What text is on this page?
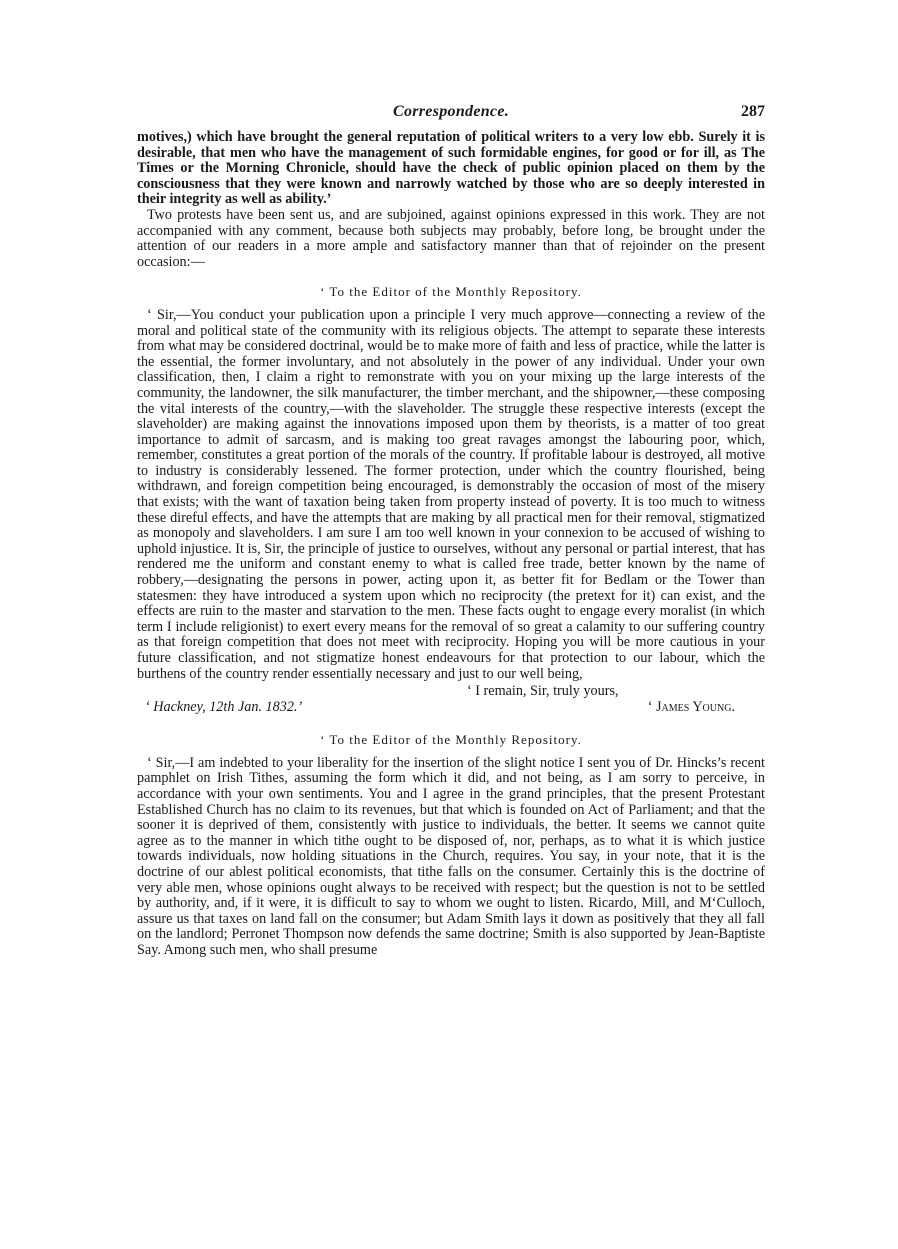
Correspondence.	287

motives,) which have brought the general reputation of political writers to a very low ebb. Surely it is desirable, that men who have the management of such formidable engines, for good or for ill, as The Times or the Morning Chronicle, should have the check of public opinion placed on them by the consciousness that they were known and narrowly watched by those who are so deeply interested in their integrity as well as ability.’

Two protests have been sent us, and are subjoined, against opinions expressed in this work. They are not accompanied with any comment, because both subjects may probably, before long, be brought under the attention of our readers in a more ample and satisfactory manner than that of rejoinder on the present occasion:—

‘ To the Editor of the Monthly Repository.

‘ Sir,—You conduct your publication upon a principle I very much approve—connecting a review of the moral and political state of the community with its religious objects. The attempt to separate these interests from what may be considered doctrinal, would be to make more of faith and less of practice, while the latter is the essential, the former involuntary, and not absolutely in the power of any individual. Under your own classification, then, I claim a right to remonstrate with you on your mixing up the large interests of the community, the landowner, the silk manufacturer, the timber merchant, and the shipowner,—these composing the vital interests of the country,—with the slaveholder. The struggle these respective interests (except the slaveholder) are making against the innovations imposed upon them by theorists, is a matter of too great importance to admit of sarcasm, and is making too great ravages amongst the labouring poor, which, remember, constitutes a great portion of the morals of the country. If profitable labour is destroyed, all motive to industry is considerably lessened. The former protection, under which the country flourished, being withdrawn, and foreign competition being encouraged, is demonstrably the occasion of most of the misery that exists; with the want of taxation being taken from property instead of poverty. It is too much to witness these direful effects, and have the attempts that are making by all practical men for their removal, stigmatized as monopoly and slaveholders. I am sure I am too well known in your connexion to be accused of wishing to uphold injustice. It is, Sir, the principle of justice to ourselves, without any personal or partial interest, that has rendered me the uniform and constant enemy to what is called free trade, better known by the name of robbery,—designating the persons in power, acting upon it, as better fit for Bedlam or the Tower than statesmen: they have introduced a system upon which no reciprocity (the pretext for it) can exist, and the effects are ruin to the master and starvation to the men. These facts ought to engage every moralist (in which term I include religionist) to exert every means for the removal of so great a calamity to our suffering country as that foreign competition that does not meet with reciprocity. Hoping you will be more cautious in your future classification, and not stigmatize honest endeavours for that protection to our labour, which the burthens of the country render essentially necessary and just to our well being,

‘ I remain, Sir, truly yours,
‘ Hackney, 12th Jan. 1832.’	‘ James Young.
‘ To the Editor of the Monthly Repository.

‘ Sir,—I am indebted to your liberality for the insertion of the slight notice I sent you of Dr. Hincks’s recent pamphlet on Irish Tithes, assuming the form which it did, and not being, as I am sorry to perceive, in accordance with your own sentiments. You and I agree in the grand principles, that the present Protestant Established Church has no claim to its revenues, but that which is founded on Act of Parliament; and that the sooner it is deprived of them, consistently with justice to individuals, the better. It seems we cannot quite agree as to the manner in which tithe ought to be disposed of, nor, perhaps, as to what it is which justice towards individuals, now holding situations in the Church, requires. You say, in your note, that it is the doctrine of our ablest political economists, that tithe falls on the consumer. Certainly this is the doctrine of very able men, whose opinions ought always to be received with respect; but the question is not to be settled by authority, and, if it were, it is difficult to say to whom we ought to listen. Ricardo, Mill, and M‘Culloch, assure us that taxes on land fall on the consumer; but Adam Smith lays it down as positively that they all fall on the landlord; Perronet Thompson now defends the same doctrine; Smith is also supported by Jean-Baptiste Say. Among such men, who shall presume
